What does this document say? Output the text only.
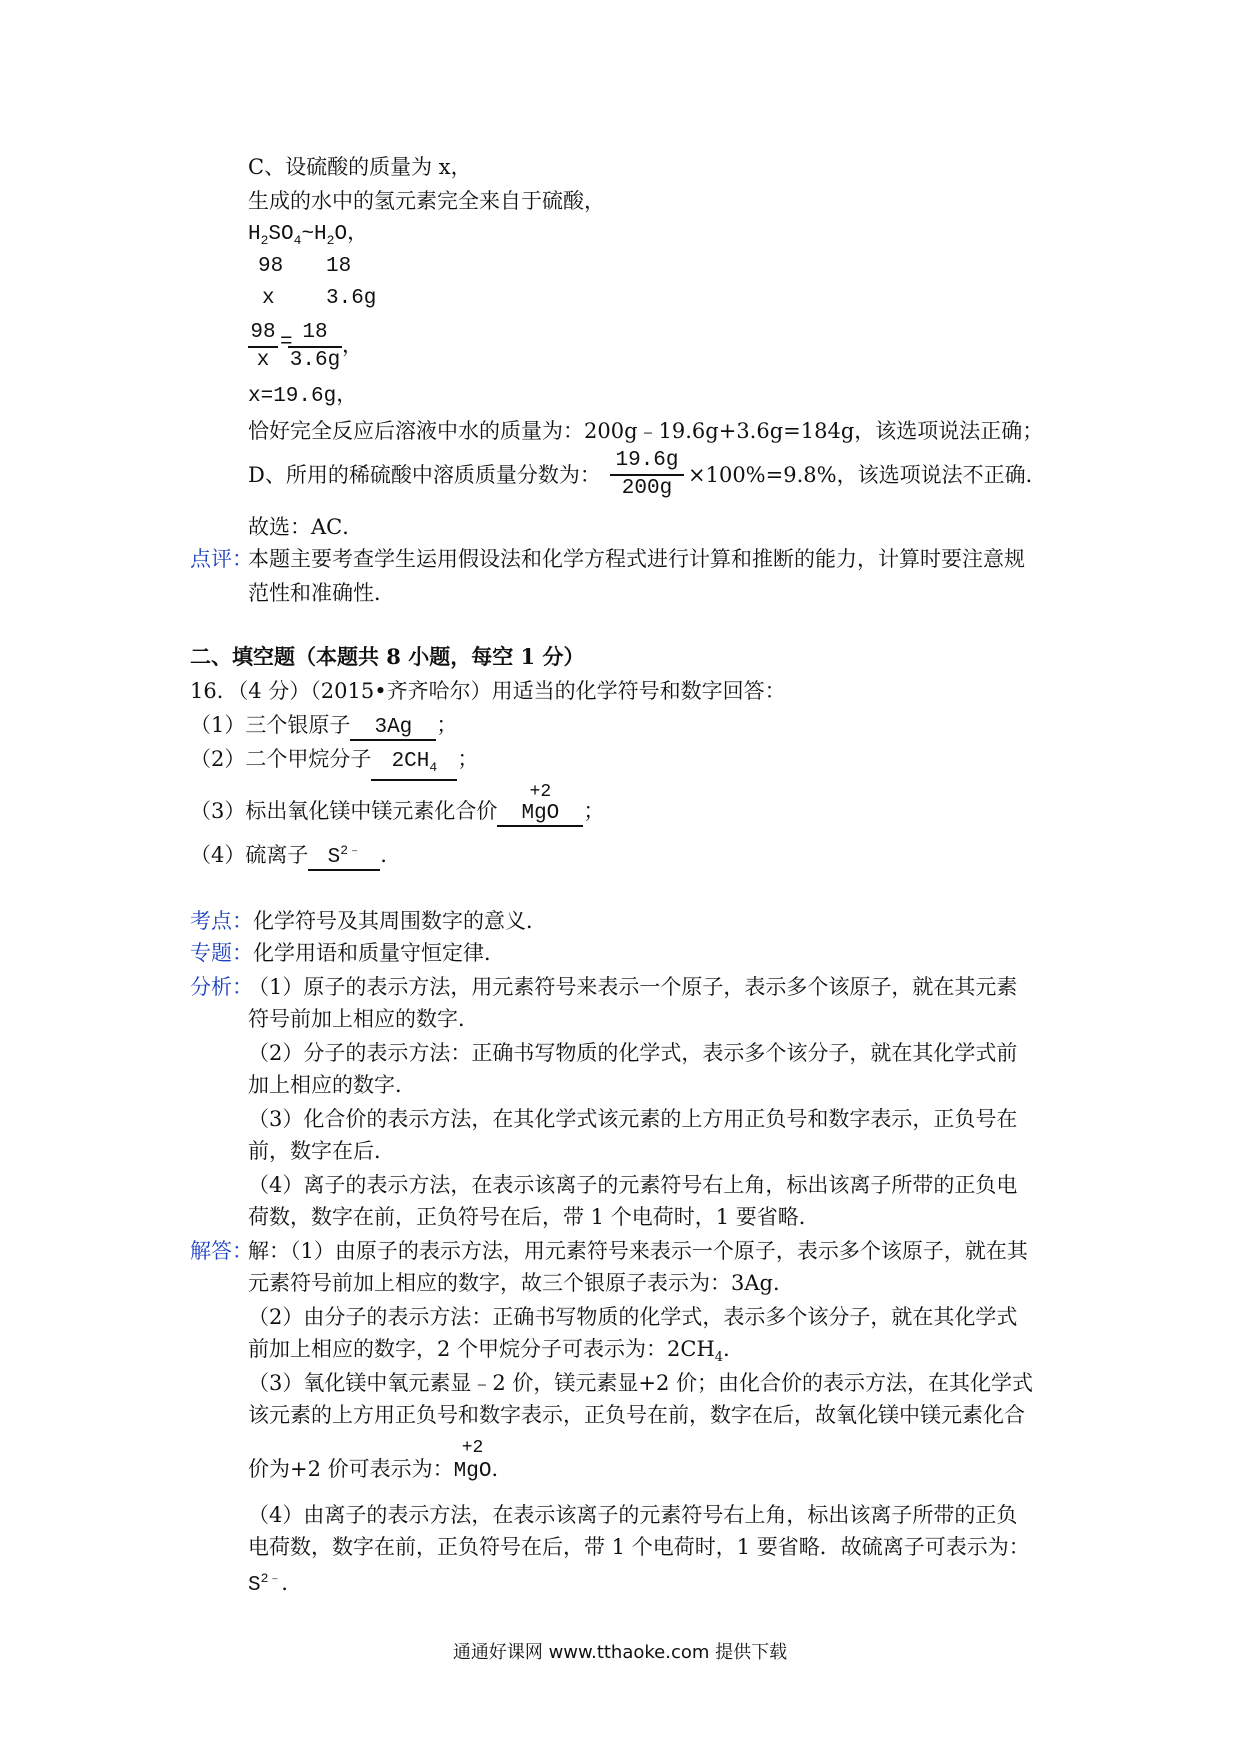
C、设硫酸的质量为 x，
生成的水中的氢元素完全来自于硫酸，
$H_2SO_4\sim H_2O$，
98 18
x 3.6g
$\frac{98}{x}$ =
$\frac{18}{3.6g}$ ，
x=19.6g，
恰好完全反应后溶液中水的质量为：200g﹣19.6g+3.6g=184g，该选项说法正确；
D、所用的稀硫酸中溶质质量分数为： $\frac{19.6g}{200g} \times 100\%=9.8\%$，该选项说法不正确．
故选：AC．
点评：
本题主要考查学生运用假设法和化学方程式进行计算和推断的能力，计算时要注意规
范性和准确性．
二、填空题（本题共 8 小题，每空 1 分）
16．（4 分）（2015•齐齐哈尔）用适当的化学符号和数字回答：
（1）三个银原子 3Ag ；
（2）二个甲烷分子 $2CH_4$ ；
（3）标出氧化镁中镁元素化合价
+2
MgO ；
（4）硫离子 $S^{2﹣}$ ．
考点：化学符号及其周围数字的意义．
专题：化学用语和质量守恒定律．
分析：
（1）原子的表示方法，用元素符号来表示一个原子，表示多个该原子，就在其元素
符号前加上相应的数字．
（2）分子的表示方法：正确书写物质的化学式，表示多个该分子，就在其化学式前
加上相应的数字．
（3）化合价的表示方法，在其化学式该元素的上方用正负号和数字表示，正负号在
前，数字在后．
（4）离子的表示方法，在表示该离子的元素符号右上角，标出该离子所带的正负电
荷数，数字在前，正负符号在后，带 1 个电荷时，1 要省略．
解答：
解：（1）由原子的表示方法，用元素符号来表示一个原子，表示多个该原子，就在其
元素符号前加上相应的数字，故三个银原子表示为：3Ag．
（2）由分子的表示方法：正确书写物质的化学式，表示多个该分子，就在其化学式
前加上相应的数字，2 个甲烷分子可表示为：$2CH_4$．
（3）氧化镁中氧元素显﹣2 价，镁元素显+2 价；由化合价的表示方法，在其化学式
该元素的上方用正负号和数字表示，正负号在前，数字在后，故氧化镁中镁元素化合
价为+2 价可表示为：
+2
MgO．
（4）由离子的表示方法，在表示该离子的元素符号右上角，标出该离子所带的正负
电荷数，数字在前，正负符号在后，带 1 个电荷时，1 要省略．故硫离子可表示为：
$S^{2﹣}$．
通通好课网 www.tthaoke.com 提供下载
